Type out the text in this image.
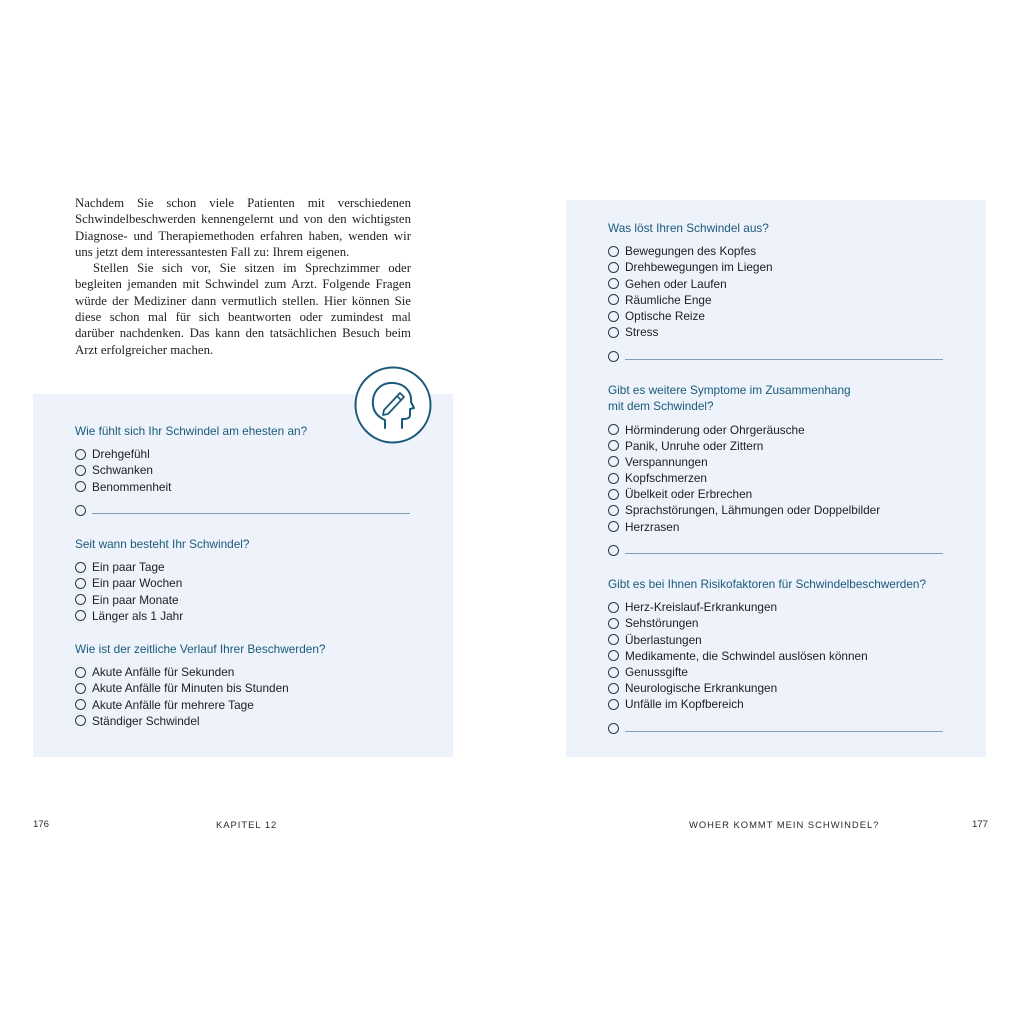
Nachdem Sie schon viele Patienten mit verschiedenen Schwindelbeschwerden kennengelernt und von den wichtigsten Diagnose- und Therapiemethoden erfahren haben, wenden wir uns jetzt dem interessantesten Fall zu: Ihrem eigenen.

Stellen Sie sich vor, Sie sitzen im Sprechzimmer oder begleiten jemanden mit Schwindel zum Arzt. Folgende Fragen würde der Mediziner dann vermutlich stellen. Hier können Sie diese schon mal für sich beantworten oder zumindest mal darüber nachdenken. Das kann den tatsächlichen Besuch beim Arzt erfolgreicher machen.

Wie fühlt sich Ihr Schwindel am ehesten an?
Drehgefühl
Schwanken
Benommenheit
Seit wann besteht Ihr Schwindel?
Ein paar Tage
Ein paar Wochen
Ein paar Monate
Länger als 1 Jahr
Wie ist der zeitliche Verlauf Ihrer Beschwerden?
Akute Anfälle für Sekunden
Akute Anfälle für Minuten bis Stunden
Akute Anfälle für mehrere Tage
Ständiger Schwindel
Was löst Ihren Schwindel aus?
Bewegungen des Kopfes
Drehbewegungen im Liegen
Gehen oder Laufen
Räumliche Enge
Optische Reize
Stress
Gibt es weitere Symptome im Zusammenhang
mit dem Schwindel?
Hörminderung oder Ohrgeräusche
Panik, Unruhe oder Zittern
Verspannungen
Kopfschmerzen
Übelkeit oder Erbrechen
Sprachstörungen, Lähmungen oder Doppelbilder
Herzrasen
Gibt es bei Ihnen Risikofaktoren für Schwindelbeschwerden?
Herz-Kreislauf-Erkrankungen
Sehstörungen
Überlastungen
Medikamente, die Schwindel auslösen können
Genussgifte
Neurologische Erkrankungen
Unfälle im Kopfbereich
176	KAPITEL 12	WOHER KOMMT MEIN SCHWINDEL?	177
